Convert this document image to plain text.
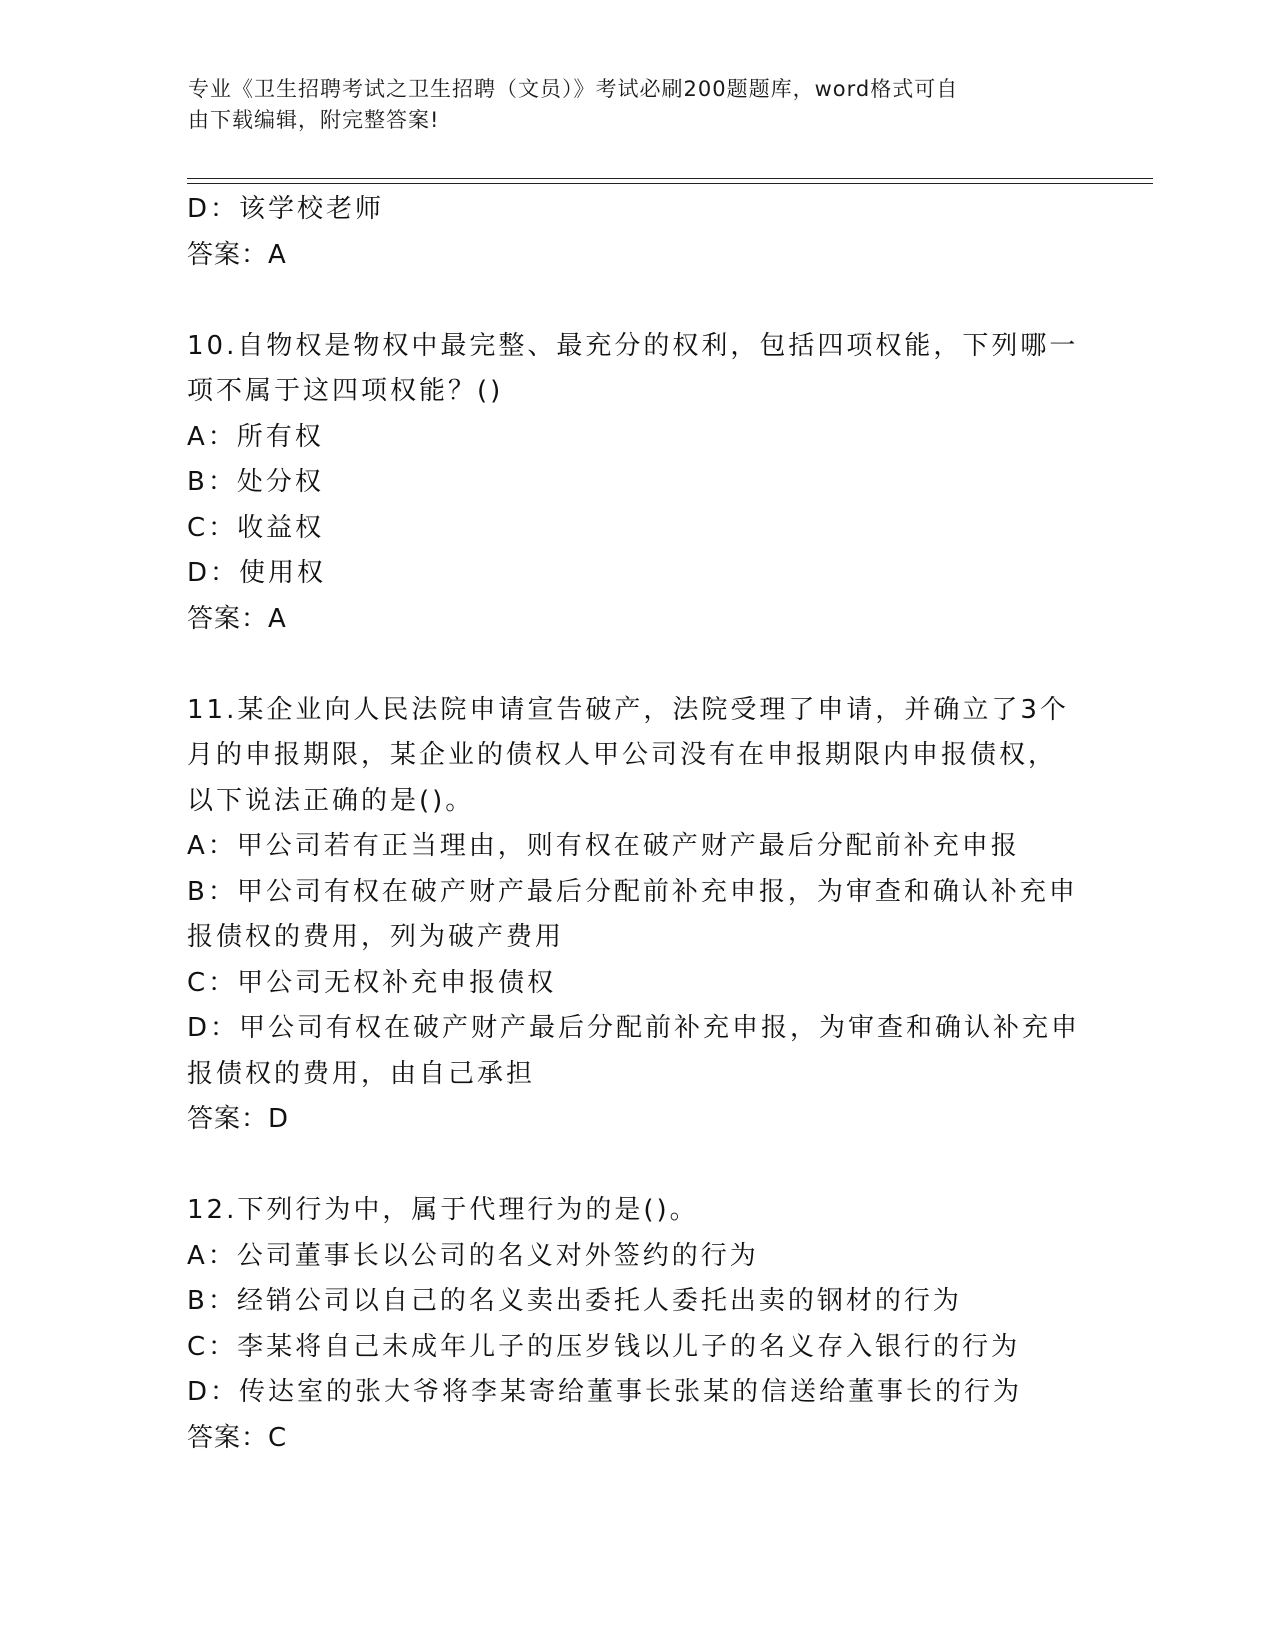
专业《卫生招聘考试之卫生招聘（文员）》考试必刷200题题库，word格式可自
由下载编辑，附完整答案!
D：该学校老师
答案：A
10.自物权是物权中最完整、最充分的权利，包括四项权能，下列哪一
项不属于这四项权能？()
A：所有权
B：处分权
C：收益权
D：使用权
答案：A
11.某企业向人民法院申请宣告破产，法院受理了申请，并确立了3个
月的申报期限，某企业的债权人甲公司没有在申报期限内申报债权，
以下说法正确的是()。
A：甲公司若有正当理由，则有权在破产财产最后分配前补充申报
B：甲公司有权在破产财产最后分配前补充申报，为审查和确认补充申
报债权的费用，列为破产费用
C：甲公司无权补充申报债权
D：甲公司有权在破产财产最后分配前补充申报，为审查和确认补充申
报债权的费用，由自己承担
答案：D
12.下列行为中，属于代理行为的是()。
A：公司董事长以公司的名义对外签约的行为
B：经销公司以自己的名义卖出委托人委托出卖的钢材的行为
C：李某将自己未成年儿子的压岁钱以儿子的名义存入银行的行为
D：传达室的张大爷将李某寄给董事长张某的信送给董事长的行为
答案：C
